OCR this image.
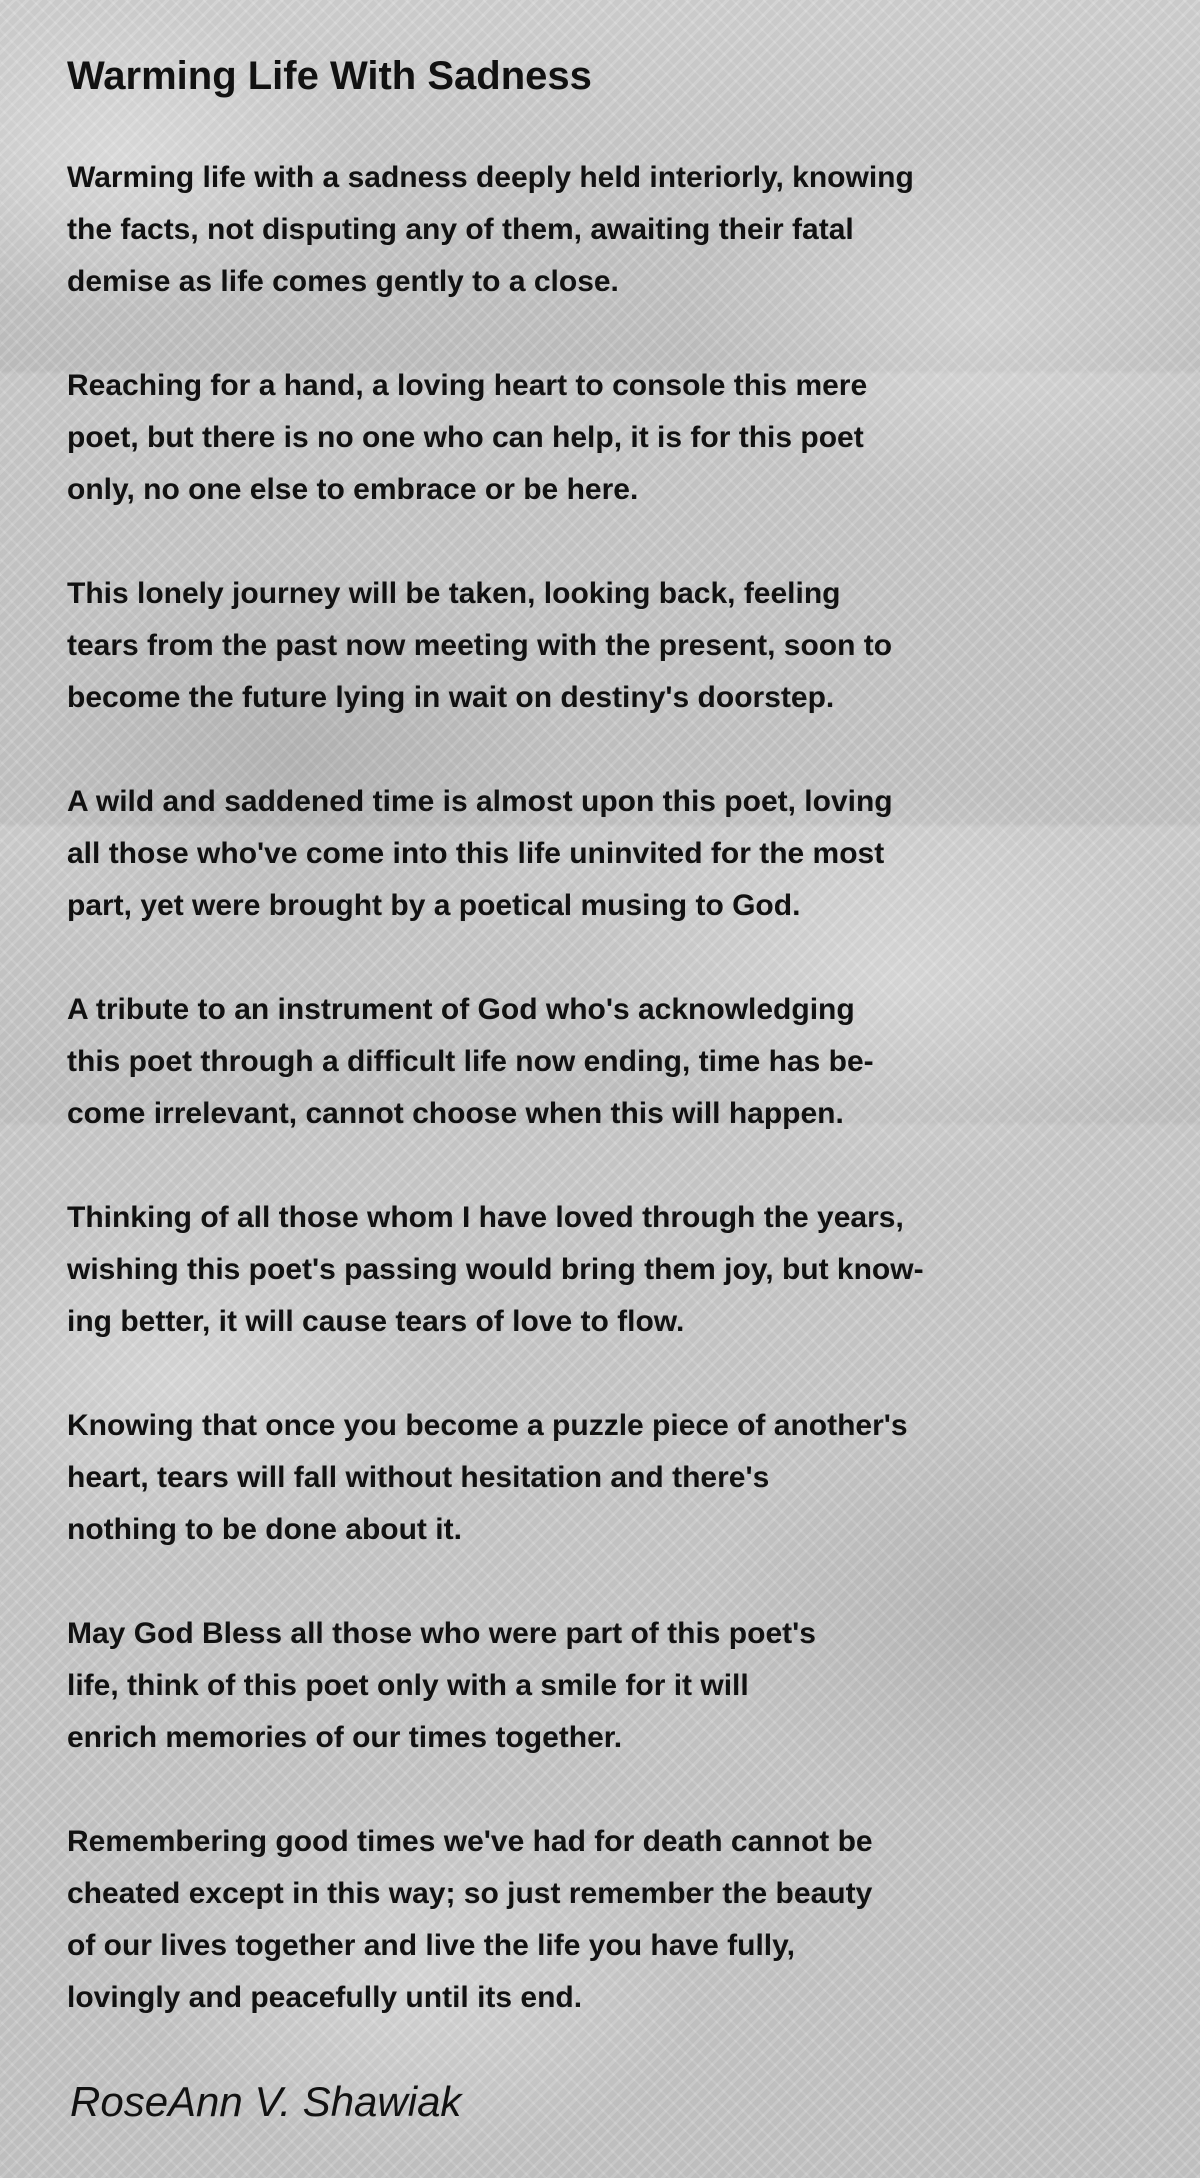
Warming Life With Sadness
Warming life with a sadness deeply held interiorly, knowing
the facts, not disputing any of them, awaiting their fatal
demise as life comes gently to a close.
Reaching for a hand, a loving heart to console this mere
poet, but there is no one who can help, it is for this poet
only, no one else to embrace or be here.
This lonely journey will be taken, looking back, feeling
tears from the past now meeting with the present, soon to
become the future lying in wait on destiny's doorstep.
A wild and saddened time is almost upon this poet, loving
all those who've come into this life uninvited for the most
part, yet were brought by a poetical musing to God.
A tribute to an instrument of God who's acknowledging
this poet through a difficult life now ending, time has be-
come irrelevant, cannot choose when this will happen.
Thinking of all those whom I have loved through the years,
wishing this poet's passing would bring them joy, but know-
ing better, it will cause tears of love to flow.
Knowing that once you become a puzzle piece of another's
heart, tears will fall without hesitation and there's
nothing to be done about it.
May God Bless all those who were part of this poet's
life, think of this poet only with a smile for it will
enrich memories of our times together.
Remembering good times we've had for death cannot be
cheated except in this way; so just remember the beauty
of our lives together and live the life you have fully,
lovingly and peacefully until its end.

RoseAnn V. Shawiak
